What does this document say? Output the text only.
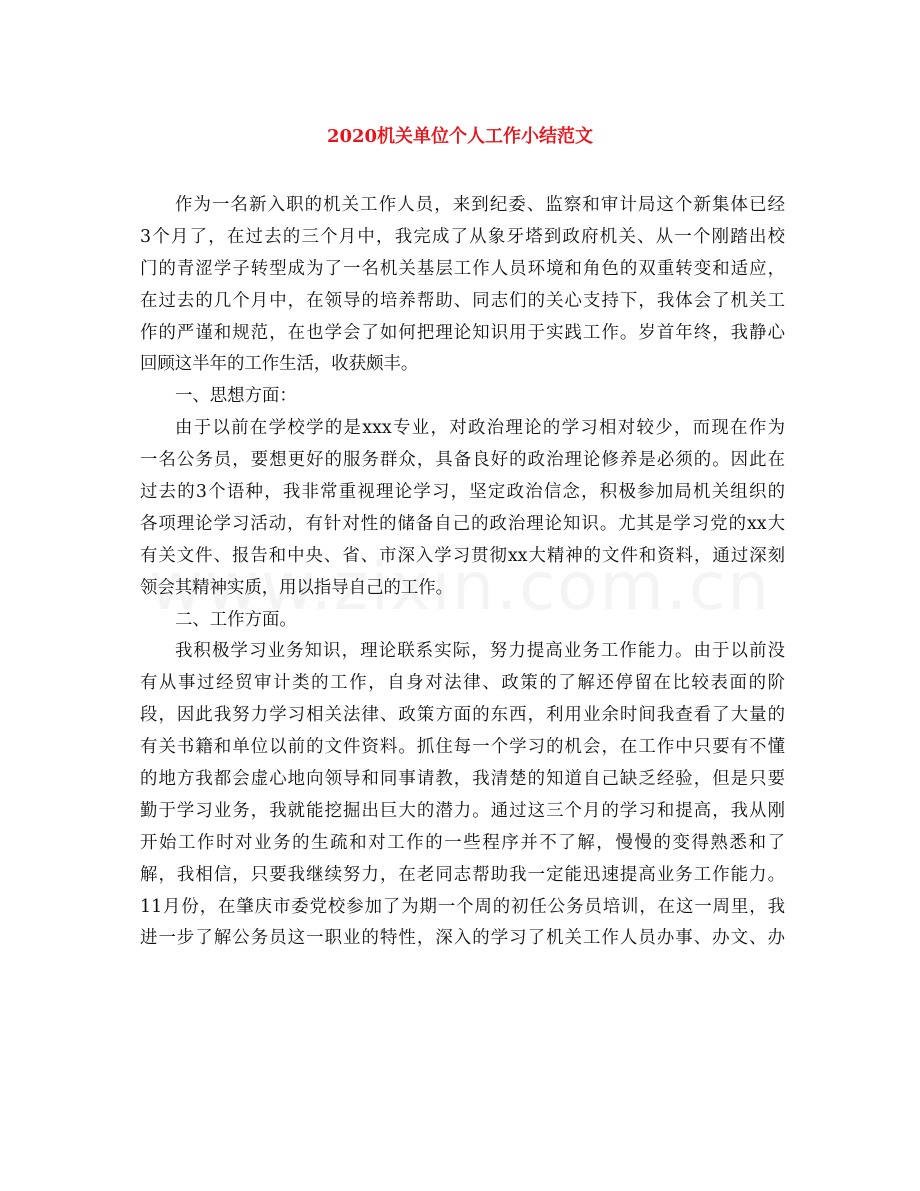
2020机关单位个人工作小结范文
作为一名新入职的机关工作人员，来到纪委、监察和审计局这个新集体已经
3个月了，在过去的三个月中，我完成了从象牙塔到政府机关、从一个刚踏出校
门的青涩学子转型成为了一名机关基层工作人员环境和角色的双重转变和适应，
在过去的几个月中，在领导的培养帮助、同志们的关心支持下，我体会了机关工
作的严谨和规范，在也学会了如何把理论知识用于实践工作。岁首年终，我静心
回顾这半年的工作生活，收获颇丰。
一、思想方面：
由于以前在学校学的是xxx专业，对政治理论的学习相对较少，而现在作为
一名公务员，要想更好的服务群众，具备良好的政治理论修养是必须的。因此在
过去的3个语种，我非常重视理论学习，坚定政治信念，积极参加局机关组织的
各项理论学习活动，有针对性的储备自己的政治理论知识。尤其是学习党的xx大
有关文件、报告和中央、省、市深入学习贯彻xx大精神的文件和资料，通过深刻
领会其精神实质，用以指导自己的工作。
二、工作方面。
我积极学习业务知识，理论联系实际，努力提高业务工作能力。由于以前没
有从事过经贸审计类的工作，自身对法律、政策的了解还停留在比较表面的阶
段，因此我努力学习相关法律、政策方面的东西，利用业余时间我查看了大量的
有关书籍和单位以前的文件资料。抓住每一个学习的机会，在工作中只要有不懂
的地方我都会虚心地向领导和同事请教，我清楚的知道自己缺乏经验，但是只要
勤于学习业务，我就能挖掘出巨大的潜力。通过这三个月的学习和提高，我从刚
开始工作时对业务的生疏和对工作的一些程序并不了解，慢慢的变得熟悉和了
解，我相信，只要我继续努力，在老同志帮助我一定能迅速提高业务工作能力。
11月份，在肇庆市委党校参加了为期一个周的初任公务员培训，在这一周里，我
进一步了解公务员这一职业的特性，深入的学习了机关工作人员办事、办文、办
